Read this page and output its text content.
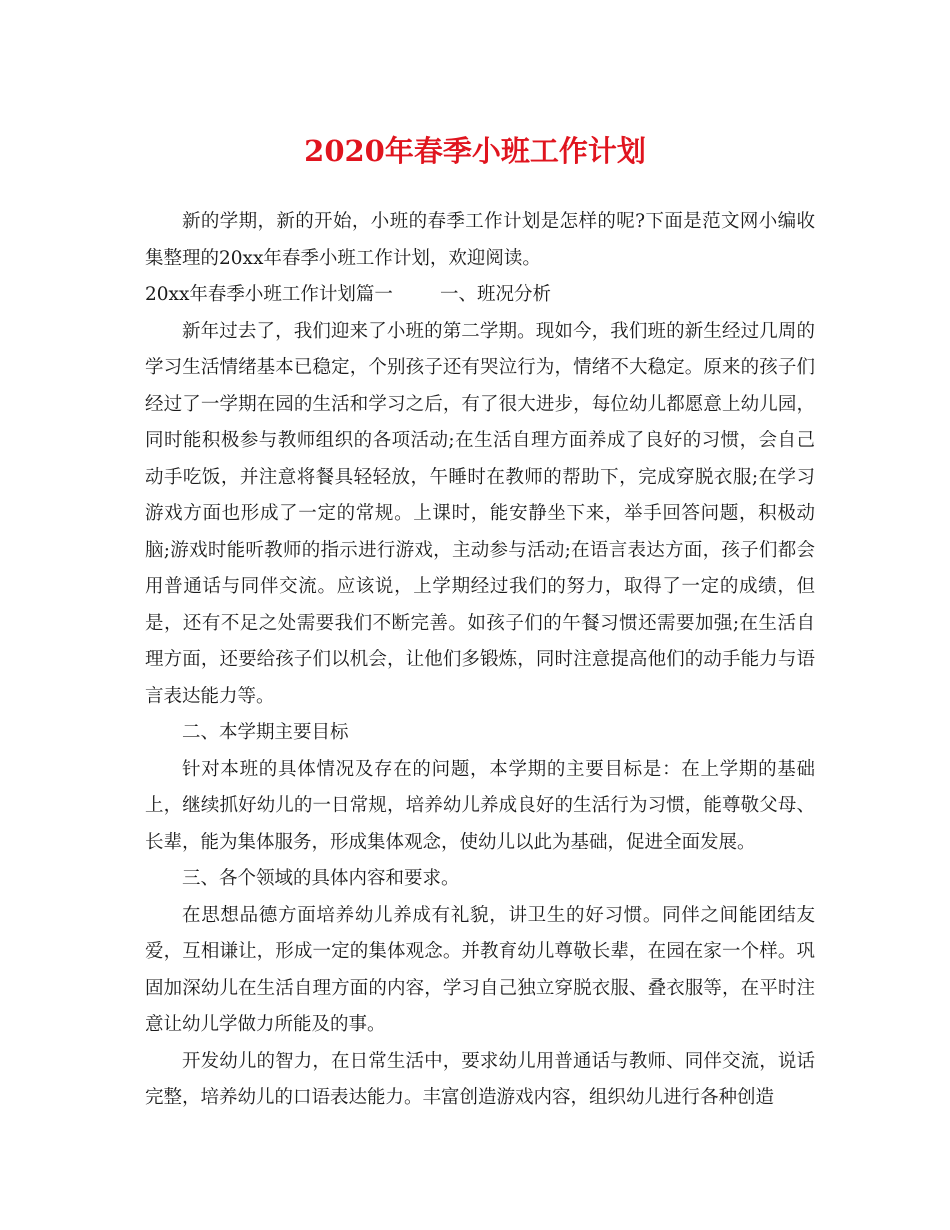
2020年春季小班工作计划

新的学期，新的开始，小班的春季工作计划是怎样的呢?下面是范文网小编收集整理的20xx年春季小班工作计划，欢迎阅读。

20xx年春季小班工作计划篇一        一、班况分析

新年过去了，我们迎来了小班的第二学期。现如今，我们班的新生经过几周的学习生活情绪基本已稳定，个别孩子还有哭泣行为，情绪不大稳定。原来的孩子们经过了一学期在园的生活和学习之后，有了很大进步，每位幼儿都愿意上幼儿园，同时能积极参与教师组织的各项活动;在生活自理方面养成了良好的习惯，会自己动手吃饭，并注意将餐具轻轻放，午睡时在教师的帮助下，完成穿脱衣服;在学习游戏方面也形成了一定的常规。上课时，能安静坐下来，举手回答问题，积极动脑;游戏时能听教师的指示进行游戏，主动参与活动;在语言表达方面，孩子们都会用普通话与同伴交流。应该说，上学期经过我们的努力，取得了一定的成绩，但是，还有不足之处需要我们不断完善。如孩子们的午餐习惯还需要加强;在生活自理方面，还要给孩子们以机会，让他们多锻炼，同时注意提高他们的动手能力与语言表达能力等。

二、本学期主要目标

针对本班的具体情况及存在的问题，本学期的主要目标是：在上学期的基础上，继续抓好幼儿的一日常规，培养幼儿养成良好的生活行为习惯，能尊敬父母、长辈，能为集体服务，形成集体观念，使幼儿以此为基础，促进全面发展。

三、各个领域的具体内容和要求。

在思想品德方面培养幼儿养成有礼貌，讲卫生的好习惯。同伴之间能团结友爱，互相谦让，形成一定的集体观念。并教育幼儿尊敬长辈，在园在家一个样。巩固加深幼儿在生活自理方面的内容，学习自己独立穿脱衣服、叠衣服等，在平时注意让幼儿学做力所能及的事。

开发幼儿的智力，在日常生活中，要求幼儿用普通话与教师、同伴交流，说话完整，培养幼儿的口语表达能力。丰富创造游戏内容，组织幼儿进行各种创造
